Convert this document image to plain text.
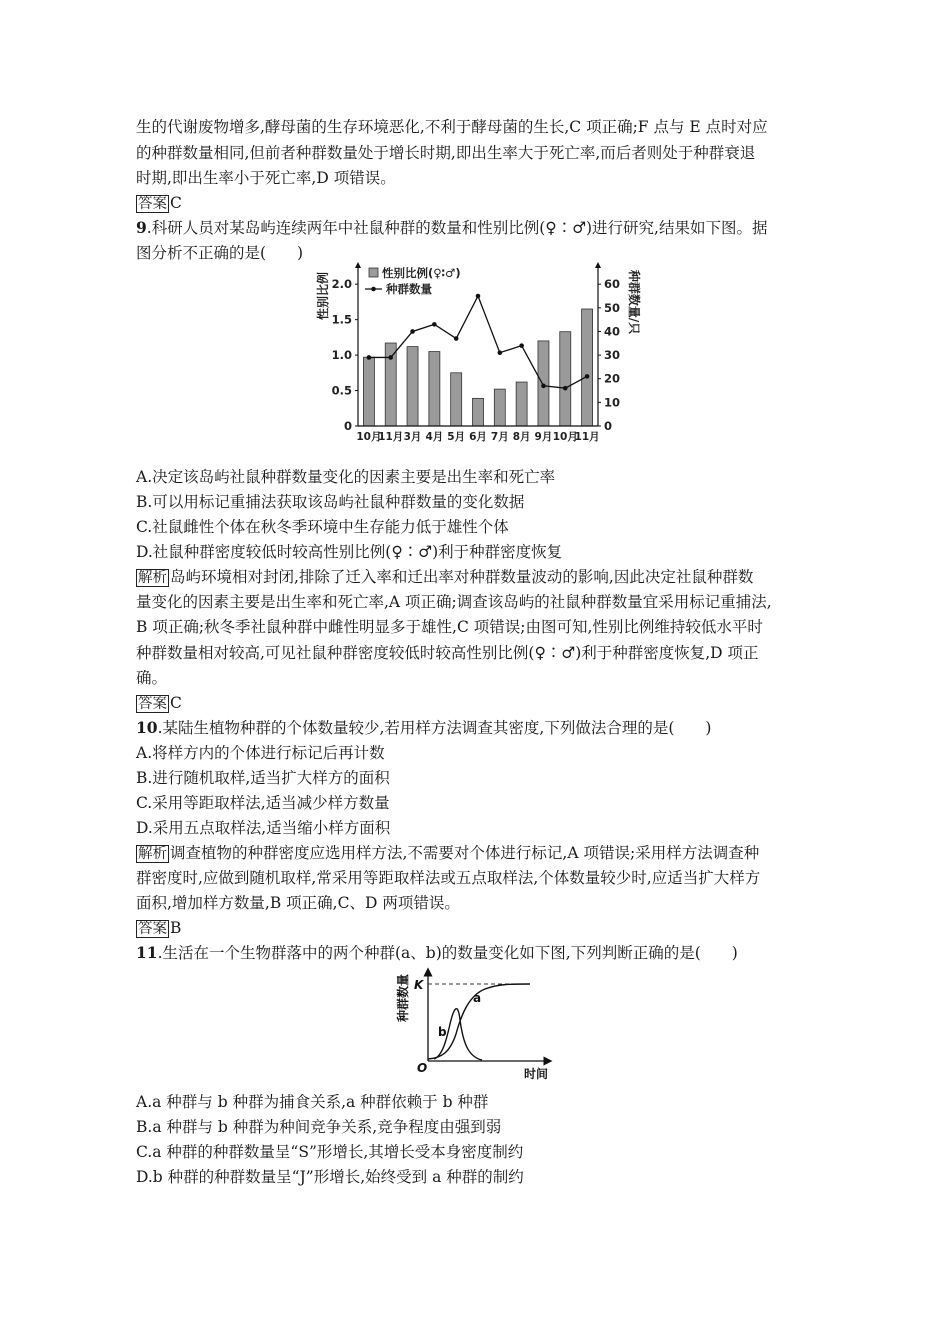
生的代谢废物增多,酵母菌的生存环境恶化,不利于酵母菌的生长,C 项正确;F 点与 E 点时对应
的种群数量相同,但前者种群数量处于增长时期,即出生率大于死亡率,而后者则处于种群衰退
时期,即出生率小于死亡率,D 项错误。
答案 C
9.科研人员对某岛屿连续两年中社鼠种群的数量和性别比例(♀∶♂)进行研究,结果如下图。据
图分析不正确的是(　　)
性别比例(♀∶♂)
种群数量
性别比例	种群数量/只
0
0.5
1.0
1.5
2.0
0
10
20
30
40
50
60
10月
11月 3月 4月 5月 6月 7月 8月 9月 10月
11月
A.决定该岛屿社鼠种群数量变化的因素主要是出生率和死亡率
B.可以用标记重捕法获取该岛屿社鼠种群数量的变化数据
C.社鼠雌性个体在秋冬季环境中生存能力低于雄性个体
D.社鼠种群密度较低时较高性别比例(♀∶♂)利于种群密度恢复
解析 岛屿环境相对封闭,排除了迁入率和迁出率对种群数量波动的影响,因此决定社鼠种群数
量变化的因素主要是出生率和死亡率,A 项正确;调查该岛屿的社鼠种群数量宜采用标记重捕法,
B 项正确;秋冬季社鼠种群中雌性明显多于雄性,C 项错误;由图可知,性别比例维持较低水平时
种群数量相对较高,可见社鼠种群密度较低时较高性别比例(♀∶♂)利于种群密度恢复,D 项正
确。
答案 C
10.某陆生植物种群的个体数量较少,若用样方法调查其密度,下列做法合理的是(　　)
A.将样方内的个体进行标记后再计数
B.进行随机取样,适当扩大样方的面积
C.采用等距取样法,适当减少样方数量
D.采用五点取样法,适当缩小样方面积
解析 调查植物的种群密度应选用样方法,不需要对个体进行标记,A 项错误;采用样方法调查种
群密度时,应做到随机取样,常采用等距取样法或五点取样法,个体数量较少时,应适当扩大样方
面积,增加样方数量,B 项正确,C、D 两项错误。
答案 B
11.生活在一个生物群落中的两个种群(a、b)的数量变化如下图,下列判断正确的是(　　)
种群数量
时间
O
K
a
b
A.a 种群与 b 种群为捕食关系,a 种群依赖于 b 种群
B.a 种群与 b 种群为种间竞争关系,竞争程度由强到弱
C.a 种群的种群数量呈“S”形增长,其增长受本身密度制约
D.b 种群的种群数量呈“J”形增长,始终受到 a 种群的制约
